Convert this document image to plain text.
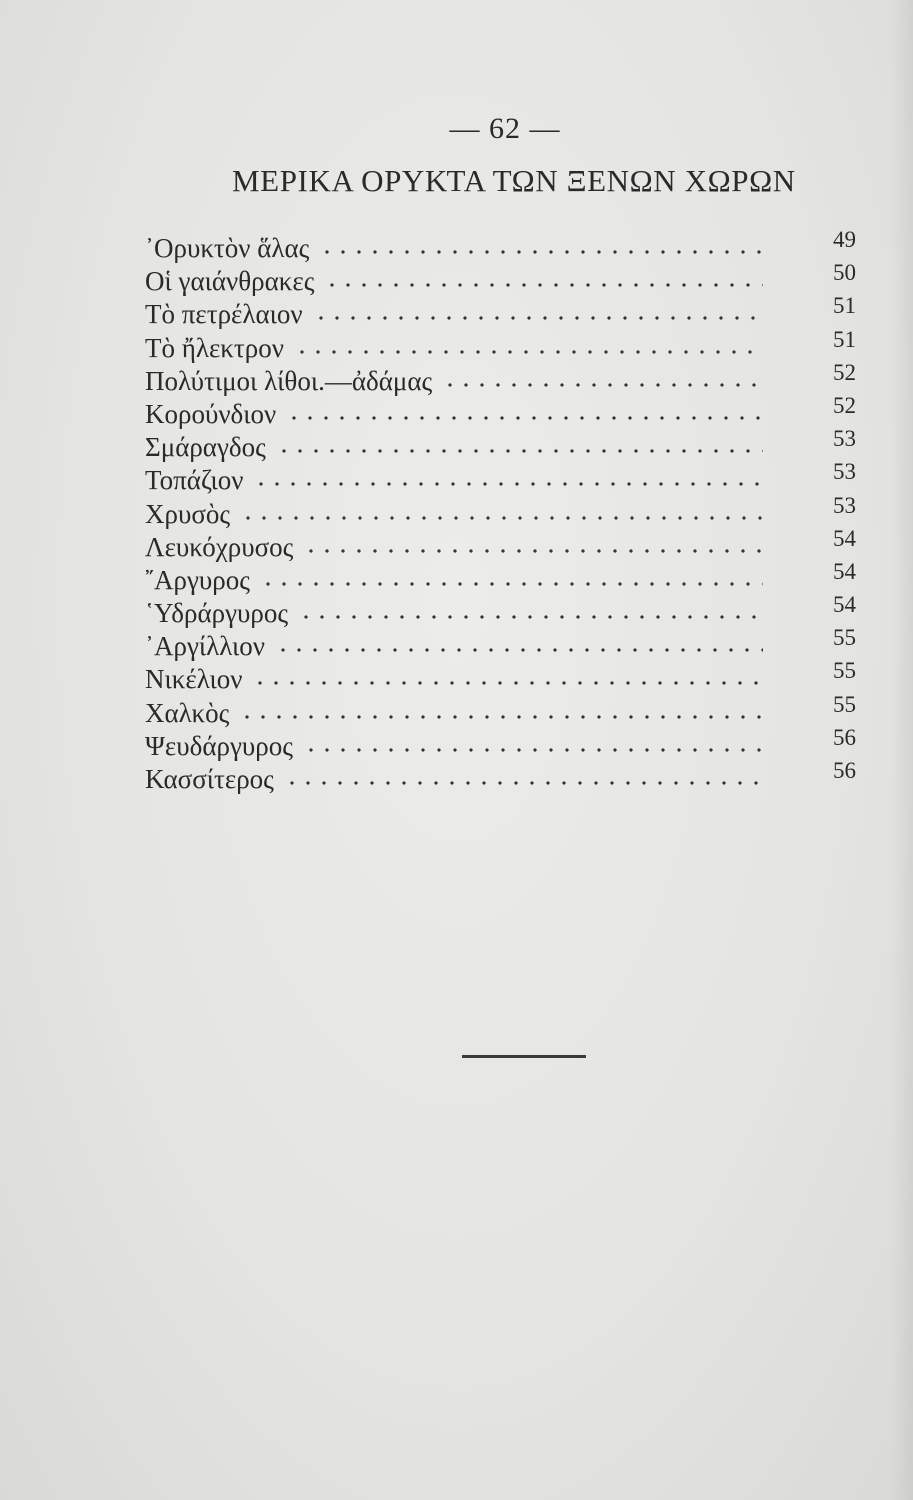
— 62 —
ΜΕΡΙΚΑ ΟΡΥΚΤΑ ΤΩΝ ΞΕΝΩΝ ΧΩΡΩΝ
᾿Ορυκτὸν ἅλας	49
Οἱ γαιάνθρακες	50
Τὸ πετρέλαιον	51
Τὸ ἤλεκτρον	51
Πολύτιμοι λίθοι.—ἀδάμας	52
Κορούνδιον	52
Σμάραγδος	53
Τοπάζιον	53
Χρυσὸς	53
Λευκόχρυσος	54
῎Αργυρος	54
῾Υδράργυρος	54
᾿Αργίλλιον	55
Νικέλιον	55
Χαλκὸς	55
Ψευδάργυρος	56
Κασσίτερος	56
